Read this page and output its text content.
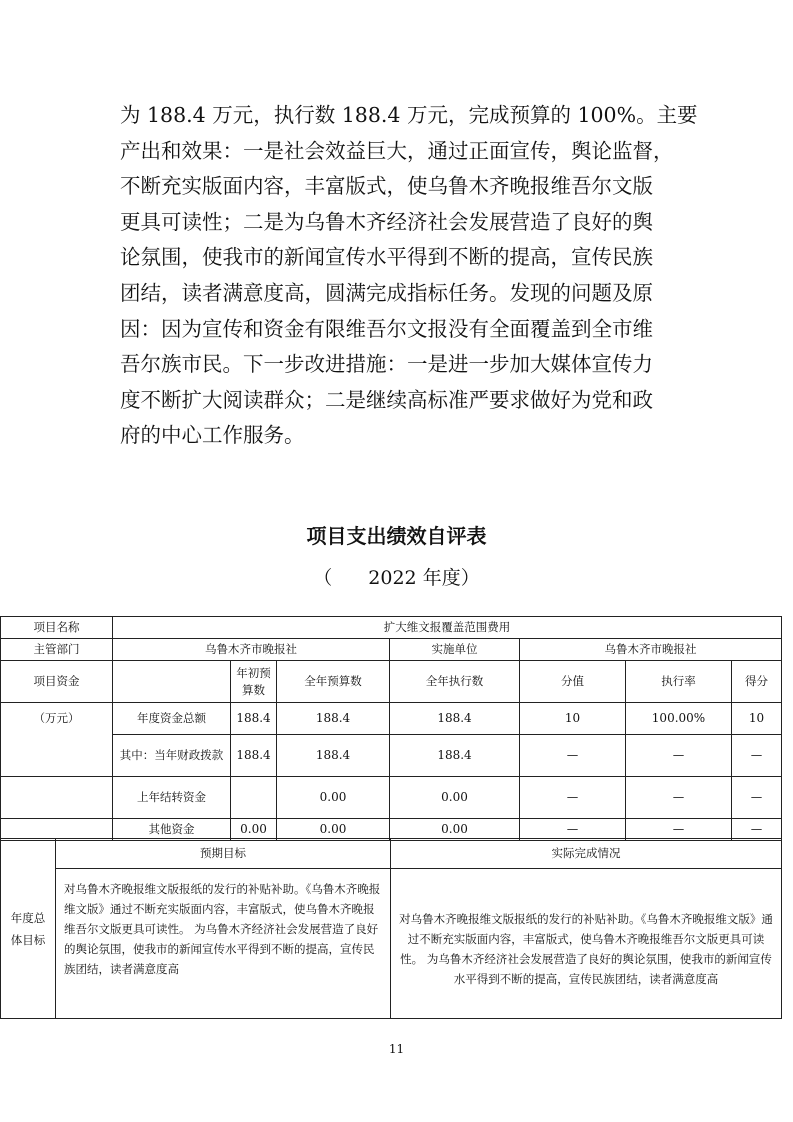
为 188.4 万元，执行数 188.4 万元，完成预算的 100%。主要
产出和效果：一是社会效益巨大，通过正面宣传，舆论监督，
不断充实版面内容，丰富版式，使乌鲁木齐晚报维吾尔文版
更具可读性；二是为乌鲁木齐经济社会发展营造了良好的舆
论氛围，使我市的新闻宣传水平得到不断的提高，宣传民族
团结，读者满意度高，圆满完成指标任务。发现的问题及原
因：因为宣传和资金有限维吾尔文报没有全面覆盖到全市维
吾尔族市民。下一步改进措施：一是进一步加大媒体宣传力
度不断扩大阅读群众；二是继续高标准严要求做好为党和政
府的中心工作服务。
项目支出绩效自评表

（ 2022 年度）

项目名称	扩大维文报覆盖范围费用						
主管部门	乌鲁木齐市晚报社			实施单位	乌鲁木齐市晚报社		
项目资金		年初预算数	全年预算数	全年执行数	分值	执行率	得分
（万元）	年度资金总额	188.4	188.4	188.4	10	100.00%	10
	其中：当年财政拨款	188.4	188.4	188.4	—	—	—
	上年结转资金		0.00	0.00	—	—	—
	其他资金	0.00	0.00	0.00	—	—	—
年度总体目标	预期目标	实际完成情况
	对乌鲁木齐晚报维文版报纸的发行的补贴补助。《乌鲁木齐晚报维文版》通过不断充实版面内容，丰富版式，使乌鲁木齐晚报维吾尔文版更具可读性。 为乌鲁木齐经济社会发展营造了良好的舆论氛围，使我市的新闻宣传水平得到不断的提高，宣传民族团结，读者满意度高	对乌鲁木齐晚报维文版报纸的发行的补贴补助。《乌鲁木齐晚报维文版》通过不断充实版面内容，丰富版式，使乌鲁木齐晚报维吾尔文版更具可读性。 为乌鲁木齐经济社会发展营造了良好的舆论氛围，使我市的新闻宣传水平得到不断的提高，宣传民族团结，读者满意度高

11
